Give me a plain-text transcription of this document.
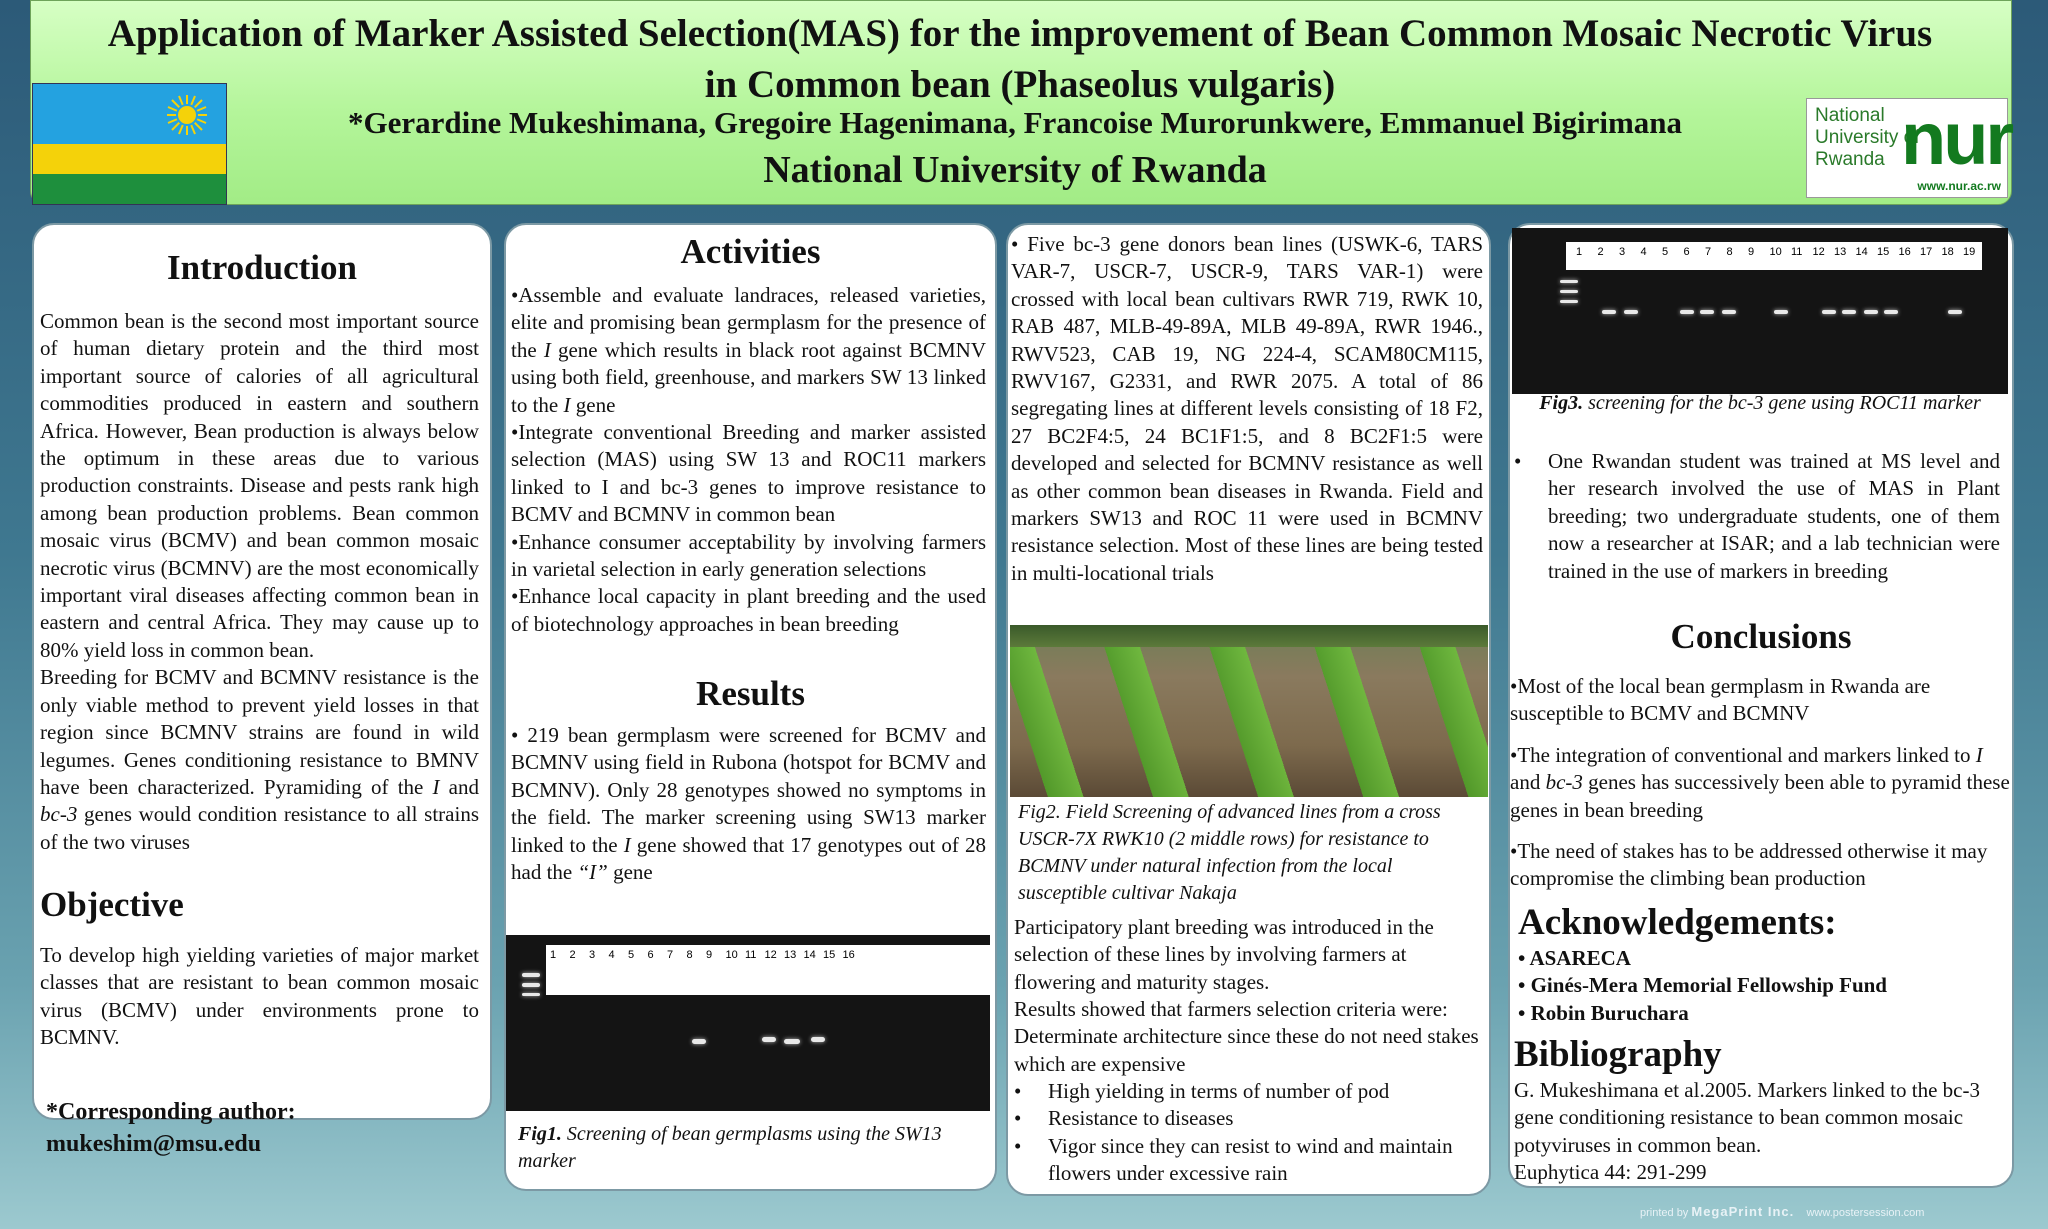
Application of Marker Assisted Selection(MAS) for the improvement of Bean Common Mosaic Necrotic Virus
in Common bean (Phaseolus vulgaris)

*Gerardine Mukeshimana, Gregoire Hagenimana, Francoise Murorunkwere, Emmanuel Bigirimana

National University of Rwanda

National
University of
Rwanda nur
www.nur.ac.rw
Introduction

Common bean is the second most important source of human dietary protein and the third most important source of calories of all agricultural commodities produced in eastern and southern Africa. However, Bean production is always below the optimum in these areas due to various production constraints. Disease and pests rank high among bean production problems. Bean common mosaic virus (BCMV) and bean common mosaic necrotic virus (BCMNV) are the most economically important viral diseases affecting common bean in eastern and central Africa. They may cause up to 80% yield loss in common bean.

Breeding for BCMV and BCMNV resistance is the only viable method to prevent yield losses in that region since BCMNV strains are found in wild legumes. Genes conditioning resistance to BMNV have been characterized. Pyramiding of the I and bc-3 genes would condition resistance to all strains of the two viruses

Objective

To develop high yielding varieties of major market classes that are resistant to bean common mosaic virus (BCMV) under environments prone to BCMNV.

*Corresponding author:
mukeshim@msu.edu
Activities

•Assemble and evaluate landraces, released varieties, elite and promising bean germplasm for the presence of the I gene which results in black root against BCMNV using both field, greenhouse, and markers SW 13 linked to the I gene

•Integrate conventional Breeding and marker assisted selection (MAS) using SW 13 and ROC11 markers linked to I and bc-3 genes to improve resistance to BCMV and BCMNV in common bean

•Enhance consumer acceptability by involving farmers in varietal selection in early generation selections

•Enhance local capacity in plant breeding and the used of biotechnology approaches in bean breeding

Results

• 219 bean germplasm were screened for BCMV and BCMNV using field in Rubona (hotspot for BCMV and BCMNV). Only 28 genotypes showed no symptoms in the field. The marker screening using SW13 marker linked to the I gene showed that 17 genotypes out of 28 had the “I” gene

1 2 3 4 5 6 7 8 9 10 11 12 13 14 15 16

Fig1. Screening of bean germplasms using the SW13 marker

• Five bc-3 gene donors bean lines (USWK-6, TARS VAR-7, USCR-7, USCR-9, TARS VAR-1) were crossed with local bean cultivars RWR 719, RWK 10, RAB 487, MLB-49-89A, MLB 49-89A, RWR 1946., RWV523, CAB 19, NG 224-4, SCAM80CM115, RWV167, G2331, and RWR 2075. A total of 86 segregating lines at different levels consisting of 18 F2, 27 BC2F4:5, 24 BC1F1:5, and 8 BC2F1:5 were developed and selected for BCMNV resistance as well as other common bean diseases in Rwanda. Field and markers SW13 and ROC 11 were used in BCMNV resistance selection. Most of these lines are being tested in multi-locational trials

Fig2. Field Screening of advanced lines from a cross USCR-7X RWK10 (2 middle rows) for resistance to BCMNV under natural infection from the local susceptible cultivar Nakaja

Participatory plant breeding was introduced in the selection of these lines by involving farmers at flowering and maturity stages.

Results showed that farmers selection criteria were: Determinate architecture since these do not need stakes which are expensive

• High yielding in terms of number of pod
• Resistance to diseases
• Vigor since they can resist to wind and maintain flowers under excessive rain
1 2 3 4 5 6 7 8 9 10 11 12 13 14 15 16 17 18 19

Fig3. screening for the bc-3 gene using ROC11 marker

• One Rwandan student was trained at MS level and her research involved the use of MAS in Plant breeding; two undergraduate students, one of them now a researcher at ISAR; and a lab technician were trained in the use of markers in breeding
Conclusions

•Most of the local bean germplasm in Rwanda are susceptible to BCMV and BCMNV

•The integration of conventional and markers linked to I and bc-3 genes has successively been able to pyramid these genes in bean breeding

•The need of stakes has to be addressed otherwise it may compromise the climbing bean production

Acknowledgements:
• ASARECA
• Ginés-Mera Memorial Fellowship Fund
• Robin Buruchara
Bibliography

G. Mukeshimana et al.2005. Markers linked to the bc-3 gene conditioning resistance to bean common mosaic potyviruses in common bean.

Euphytica 44: 291-299

printed by MegaPrint Inc. www.postersession.com
